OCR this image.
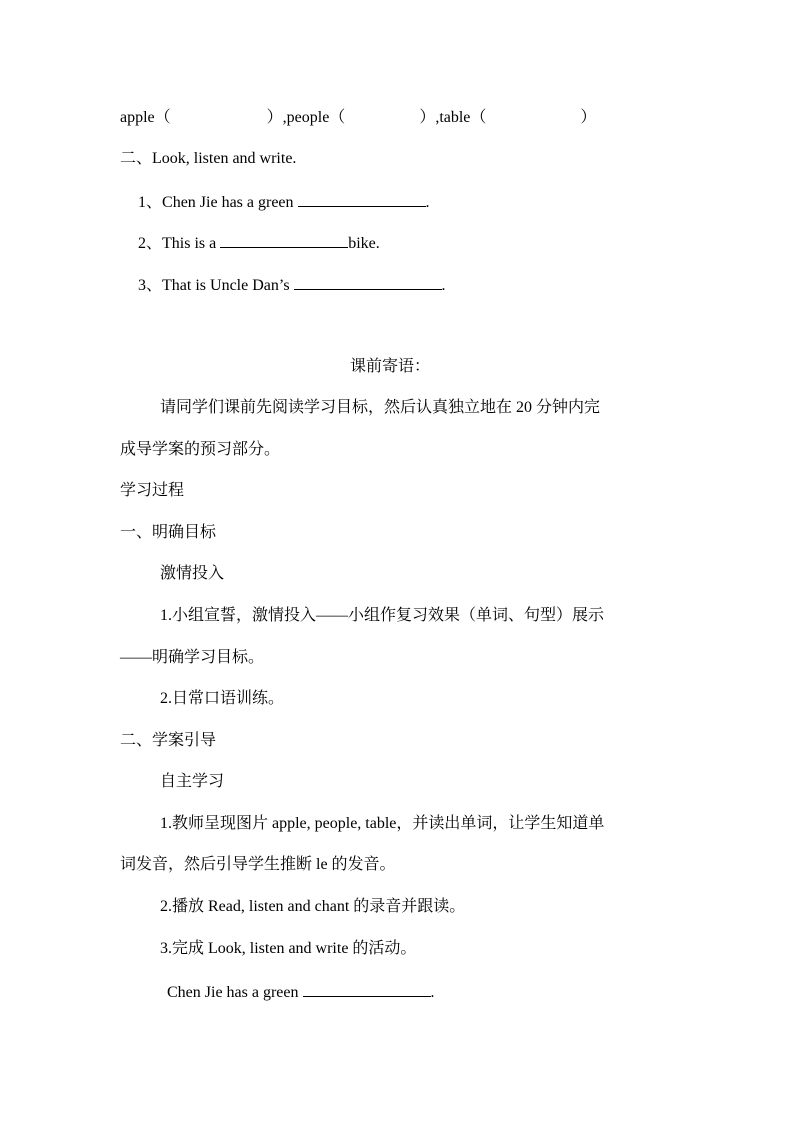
apple（	）,people（	）,table（	）
二、Look, listen and write.
1、Chen Jie has a green	.
2、This is a	bike.
3、That is Uncle Dan’s	.
课前寄语：
请同学们课前先阅读学习目标，然后认真独立地在 20 分钟内完
成导学案的预习部分。
学习过程
一、明确目标
激情投入
1.小组宣誓，激情投入——小组作复习效果（单词、句型）展示
——明确学习目标。
2.日常口语训练。
二、学案引导
自主学习
1.教师呈现图片 apple, people, table，并读出单词，让学生知道单
词发音，然后引导学生推断 le 的发音。
2.播放 Read, listen and chant 的录音并跟读。
3.完成 Look, listen and write 的活动。
Chen Jie has a green	.
